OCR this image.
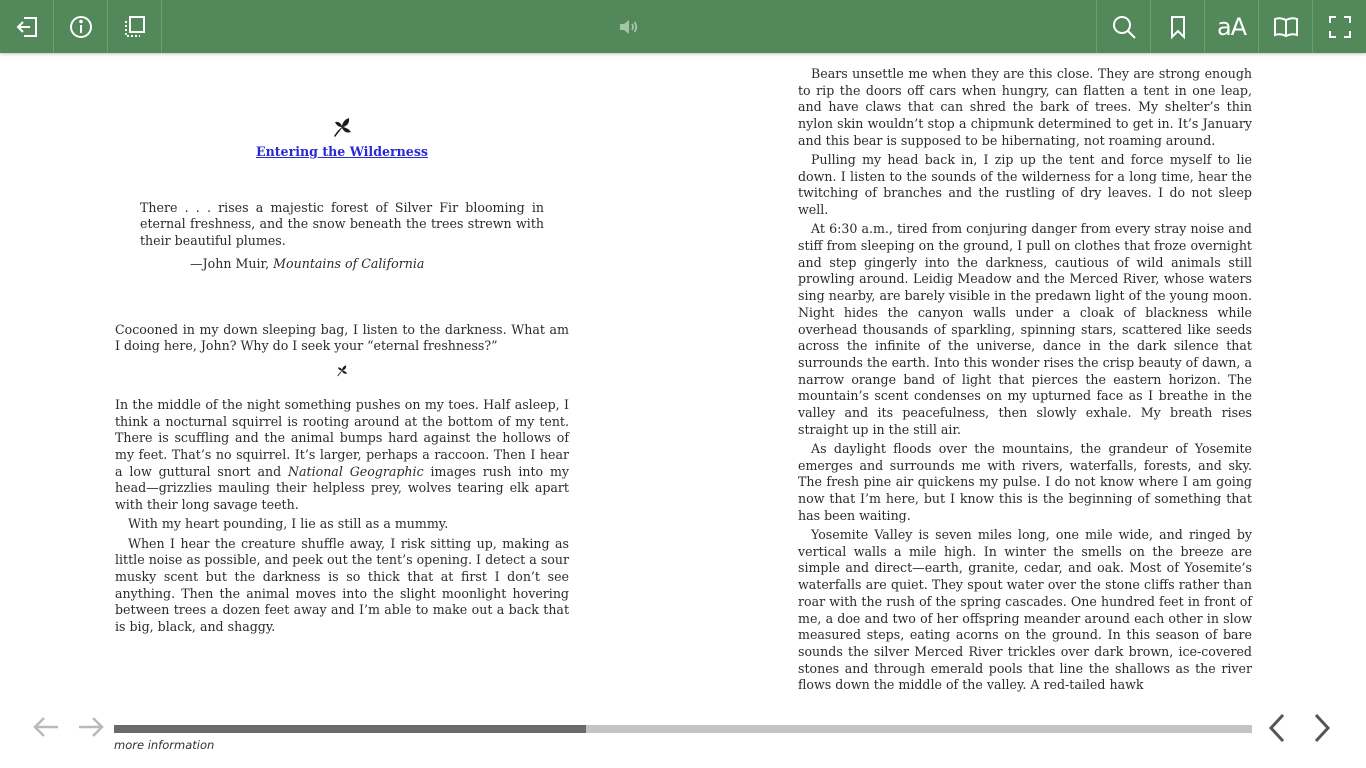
aA
Entering the Wilderness
There . . . rises a majestic forest of Silver Fir blooming in eternal freshness, and the snow beneath the trees strewn with their beautiful plumes.
—John Muir, Mountains of California
Cocooned in my down sleeping bag, I listen to the darkness. What am I doing here, John? Why do I seek your “eternal freshness?”
In the middle of the night something pushes on my toes. Half asleep, I think a nocturnal squirrel is rooting around at the bottom of my tent. There is scuffling and the animal bumps hard against the hollows of my feet. That’s no squirrel. It’s larger, perhaps a raccoon. Then I hear a low guttural snort and National Geographic images rush into my head—grizzlies mauling their helpless prey, wolves tearing elk apart with their long savage teeth.
With my heart pounding, I lie as still as a mummy.
When I hear the creature shuffle away, I risk sitting up, making as little noise as possible, and peek out the tent’s opening. I detect a sour musky scent but the darkness is so thick that at first I don’t see anything. Then the animal moves into the slight moonlight hovering between trees a dozen feet away and I’m able to make out a back that is big, black, and shaggy.
Bears unsettle me when they are this close. They are strong enough to rip the doors off cars when hungry, can flatten a tent in one leap, and have claws that can shred the bark of trees. My shelter’s thin nylon skin wouldn’t stop a chipmunk determined to get in. It’s January and this bear is supposed to be hibernating, not roaming around.
Pulling my head back in, I zip up the tent and force myself to lie down. I listen to the sounds of the wilderness for a long time, hear the twitching of branches and the rustling of dry leaves. I do not sleep well.
At 6:30 a.m., tired from conjuring danger from every stray noise and stiff from sleeping on the ground, I pull on clothes that froze overnight and step gingerly into the darkness, cautious of wild animals still prowling around. Leidig Meadow and the Merced River, whose waters sing nearby, are barely visible in the predawn light of the young moon. Night hides the canyon walls under a cloak of blackness while overhead thousands of sparkling, spinning stars, scattered like seeds across the infinite of the universe, dance in the dark silence that surrounds the earth. Into this wonder rises the crisp beauty of dawn, a narrow orange band of light that pierces the eastern horizon. The mountain’s scent condenses on my upturned face as I breathe in the valley and its peacefulness, then slowly exhale. My breath rises straight up in the still air.
As daylight floods over the mountains, the grandeur of Yosemite emerges and surrounds me with rivers, waterfalls, forests, and sky. The fresh pine air quickens my pulse. I do not know where I am going now that I’m here, but I know this is the beginning of something that has been waiting.
Yosemite Valley is seven miles long, one mile wide, and ringed by vertical walls a mile high. In winter the smells on the breeze are simple and direct—earth, granite, cedar, and oak. Most of Yosemite’s waterfalls are quiet. They spout water over the stone cliffs rather than roar with the rush of the spring cascades. One hundred feet in front of me, a doe and two of her offspring meander around each other in slow measured steps, eating acorns on the ground. In this season of bare sounds the silver Merced River trickles over dark brown, ice-covered stones and through emerald pools that line the shallows as the river flows down the middle of the valley. A red-tailed hawk
more information
